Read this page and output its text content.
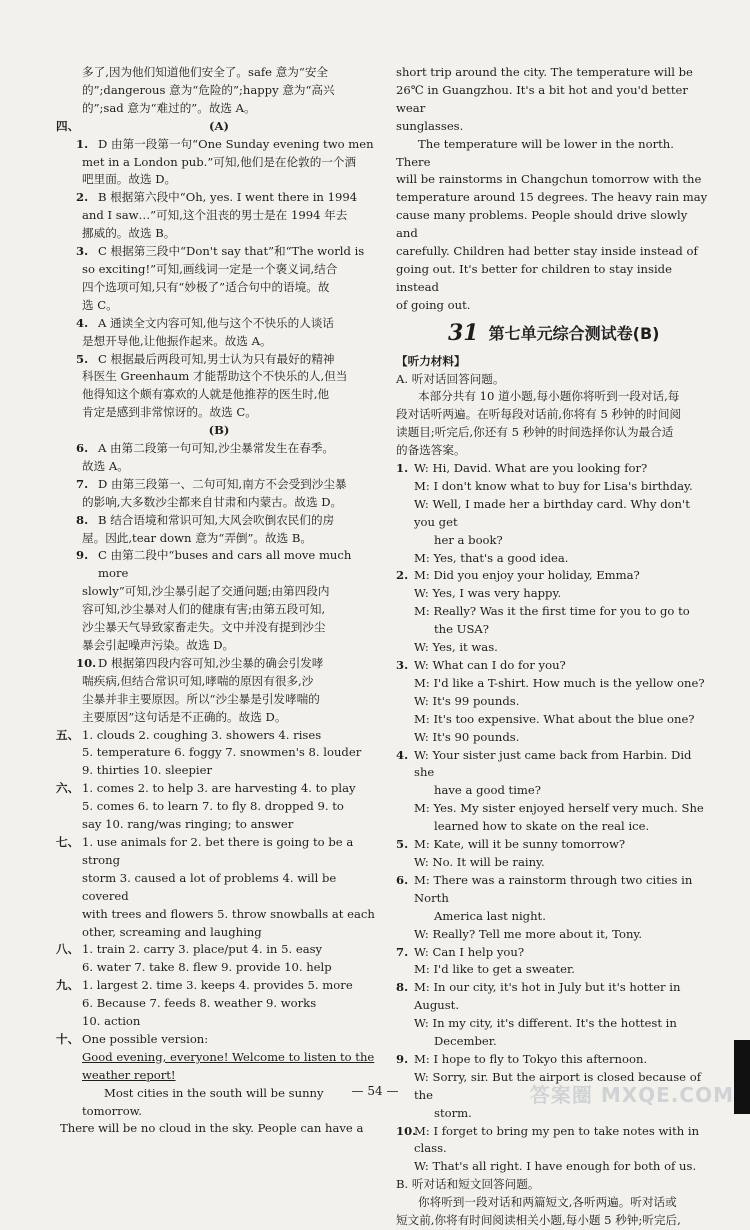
多了,因为他们知道他们安全了。safe 意为“安全
的”;dangerous 意为“危险的”;happy 意为“高兴
的”;sad 意为“难过的”。故选 A。
四、	(A)
1. D 由第一段第一句“One Sunday evening two men
met in a London pub.”可知,他们是在伦敦的一个酒
吧里面。故选 D。
2. B 根据第六段中“Oh, yes. I went there in 1994
and I saw…”可知,这个沮丧的男士是在 1994 年去
挪威的。故选 B。
3. C 根据第三段中“Don't say that”和“The world is
so exciting!”可知,画线词一定是一个褒义词,结合
四个选项可知,只有“妙极了”适合句中的语境。故
选 C。
4. A 通读全文内容可知,他与这个不快乐的人谈话
是想开导他,让他振作起来。故选 A。
5. C 根据最后两段可知,男士认为只有最好的精神
科医生 Greenhaum 才能帮助这个不快乐的人,但当
他得知这个颇有寡欢的人就是他推荐的医生时,他
肯定是感到非常惊讶的。故选 C。
(B)
6. A 由第二段第一句可知,沙尘暴常发生在春季。
故选 A。
7. D 由第三段第一、二句可知,南方不会受到沙尘暴
的影响,大多数沙尘都来自甘肃和内蒙古。故选 D。
8. B 结合语境和常识可知,大风会吹倒农民们的房
屋。因此,tear down 意为“弄倒”。故选 B。
9. C 由第二段中“buses and cars all move much more
slowly”可知,沙尘暴引起了交通问题;由第四段内
容可知,沙尘暴对人们的健康有害;由第五段可知,
沙尘暴天气导致家畜走失。文中并没有提到沙尘
暴会引起噪声污染。故选 D。
10. D 根据第四段内容可知,沙尘暴的确会引发哮
喘疾病,但结合常识可知,哮喘的原因有很多,沙
尘暴并非主要原因。所以“沙尘暴是引发哮喘的
主要原因”这句话是不正确的。故选 D。
五、 1. clouds 2. coughing 3. showers 4. rises
5. temperature 6. foggy 7. snowmen's 8. louder
9. thirties 10. sleepier
六、 1. comes 2. to help 3. are harvesting 4. to play
5. comes 6. to learn 7. to fly 8. dropped 9. to
say 10. rang/was ringing; to answer
七、 1. use animals for 2. bet there is going to be a strong
storm 3. caused a lot of problems 4. will be covered
with trees and flowers 5. throw snowballs at each
other, screaming and laughing
八、 1. train 2. carry 3. place/put 4. in 5. easy
6. water 7. take 8. flew 9. provide 10. help
九、 1. largest 2. time 3. keeps 4. provides 5. more
6. Because 7. feeds 8. weather 9. works
10. action
十、 One possible version:
Good evening, everyone! Welcome to listen to the
weather report!
Most cities in the south will be sunny tomorrow.
There will be no cloud in the sky. People can have a
short trip around the city. The temperature will be
26℃ in Guangzhou. It's a bit hot and you'd better wear
sunglasses.
The temperature will be lower in the north. There
will be rainstorms in Changchun tomorrow with the
temperature around 15 degrees. The heavy rain may
cause many problems. People should drive slowly and
carefully. Children had better stay inside instead of
going out. It's better for children to stay inside instead
of going out.
31 第七单元综合测试卷(B)
【听力材料】
A. 听对话回答问题。
本部分共有 10 道小题,每小题你将听到一段对话,每
段对话听两遍。在听每段对话前,你将有 5 秒钟的时间阅
读题目;听完后,你还有 5 秒钟的时间选择你认为最合适
的备选答案。
1. W: Hi, David. What are you looking for?
M: I don't know what to buy for Lisa's birthday.
W: Well, I made her a birthday card. Why don't you get
her a book?
M: Yes, that's a good idea.
2. M: Did you enjoy your holiday, Emma?
W: Yes, I was very happy.
M: Really? Was it the first time for you to go to
the USA?
W: Yes, it was.
3. W: What can I do for you?
M: I'd like a T-shirt. How much is the yellow one?
W: It's 99 pounds.
M: It's too expensive. What about the blue one?
W: It's 90 pounds.
4. W: Your sister just came back from Harbin. Did she
have a good time?
M: Yes. My sister enjoyed herself very much. She
learned how to skate on the real ice.
5. M: Kate, will it be sunny tomorrow?
W: No. It will be rainy.
6. M: There was a rainstorm through two cities in North
America last night.
W: Really? Tell me more about it, Tony.
7. W: Can I help you?
M: I'd like to get a sweater.
8. M: In our city, it's hot in July but it's hotter in August.
W: In my city, it's different. It's the hottest in
December.
9. M: I hope to fly to Tokyo this afternoon.
W: Sorry, sir. But the airport is closed because of the
storm.
10.
M: I forget to bring my pen to take notes with in class.
W: That's all right. I have enough for both of us.
B. 听对话和短文回答问题。
你将听到一段对话和两篇短文,各听两遍。听对话或
短文前,你将有时间阅读相关小题,每小题 5 秒钟;听完后,
— 54 —	答案圈 MXQE.COM
